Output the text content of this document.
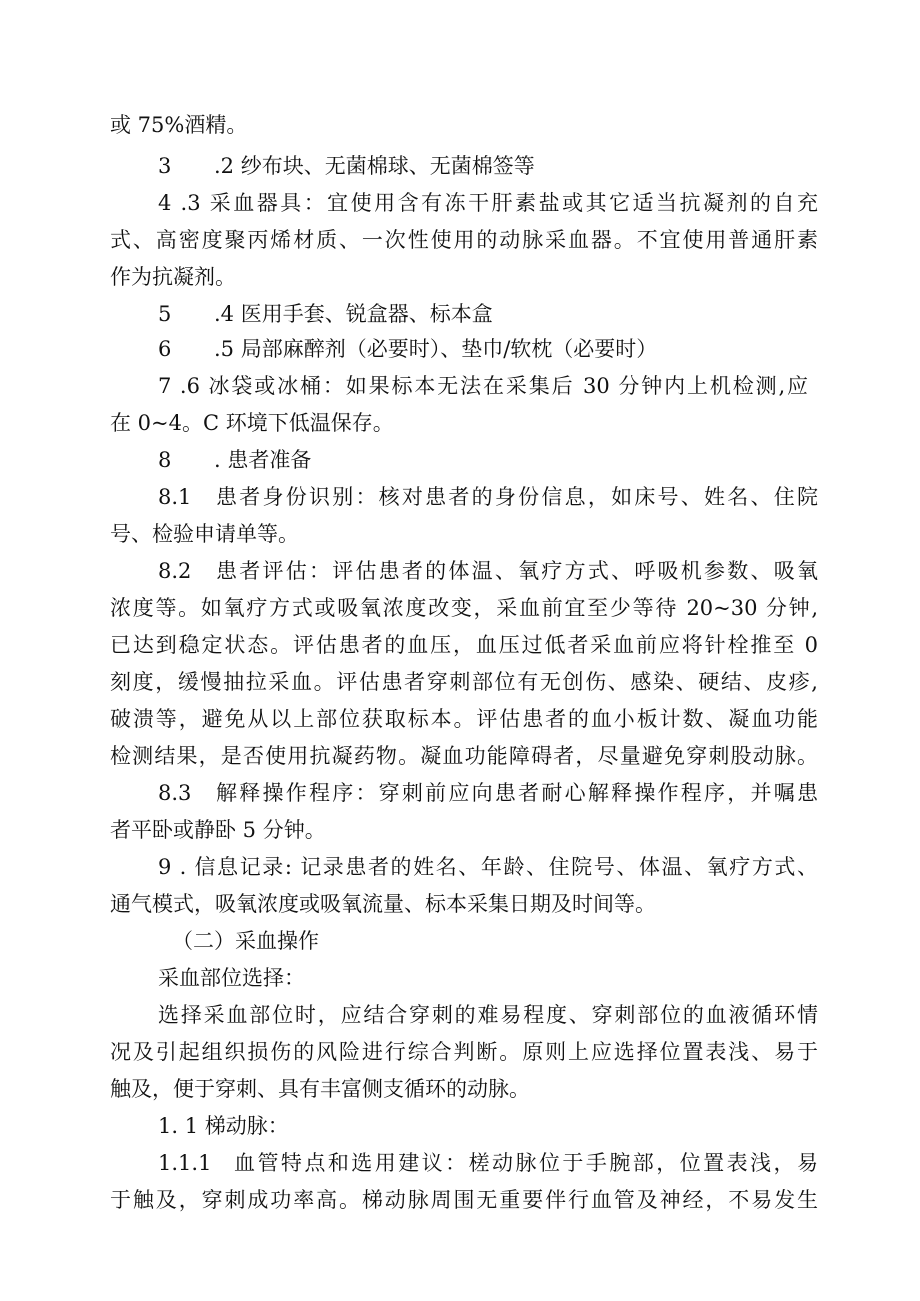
或 75%酒精。
3 .2 纱布块、无菌棉球、无菌棉签等
4 .3 采血器具：宜使用含有冻干肝素盐或其它适当抗凝剂的自充
式、高密度聚丙烯材质、一次性使用的动脉采血器。不宜使用普通肝素
作为抗凝剂。
5 .4 医用手套、锐盒器、标本盒
6 .5 局部麻醉剂（必要时）、垫巾/软枕（必要时）
7 .6 冰袋或冰桶：如果标本无法在采集后 30 分钟内上机检测,应
在 0~4。C 环境下低温保存。
8 . 患者准备
8.1 患者身份识别：核对患者的身份信息，如床号、姓名、住院
号、检验申请单等。
8.2 患者评估：评估患者的体温、氧疗方式、呼吸机参数、吸氧
浓度等。如氧疗方式或吸氧浓度改变，采血前宜至少等待 20~30 分钟,
已达到稳定状态。评估患者的血压，血压过低者采血前应将针栓推至 0
刻度，缓慢抽拉采血。评估患者穿刺部位有无创伤、感染、硬结、皮疹,
破溃等，避免从以上部位获取标本。评估患者的血小板计数、凝血功能
检测结果，是否使用抗凝药物。凝血功能障碍者，尽量避免穿刺股动脉。
8.3 解释操作程序：穿刺前应向患者耐心解释操作程序，并嘱患
者平卧或静卧 5 分钟。
9 . 信息记录: 记录患者的姓名、年龄、住院号、体温、氧疗方式、
通气模式，吸氧浓度或吸氧流量、标本采集日期及时间等。
（二）采血操作
采血部位选择：
选择采血部位时，应结合穿刺的难易程度、穿刺部位的血液循环情
况及引起组织损伤的风险进行综合判断。原则上应选择位置表浅、易于
触及，便于穿刺、具有丰富侧支循环的动脉。
1. 1 梯动脉：
1.1.1 血管特点和选用建议：槎动脉位于手腕部，位置表浅，易
于触及，穿刺成功率高。梯动脉周围无重要伴行血管及神经，不易发生
